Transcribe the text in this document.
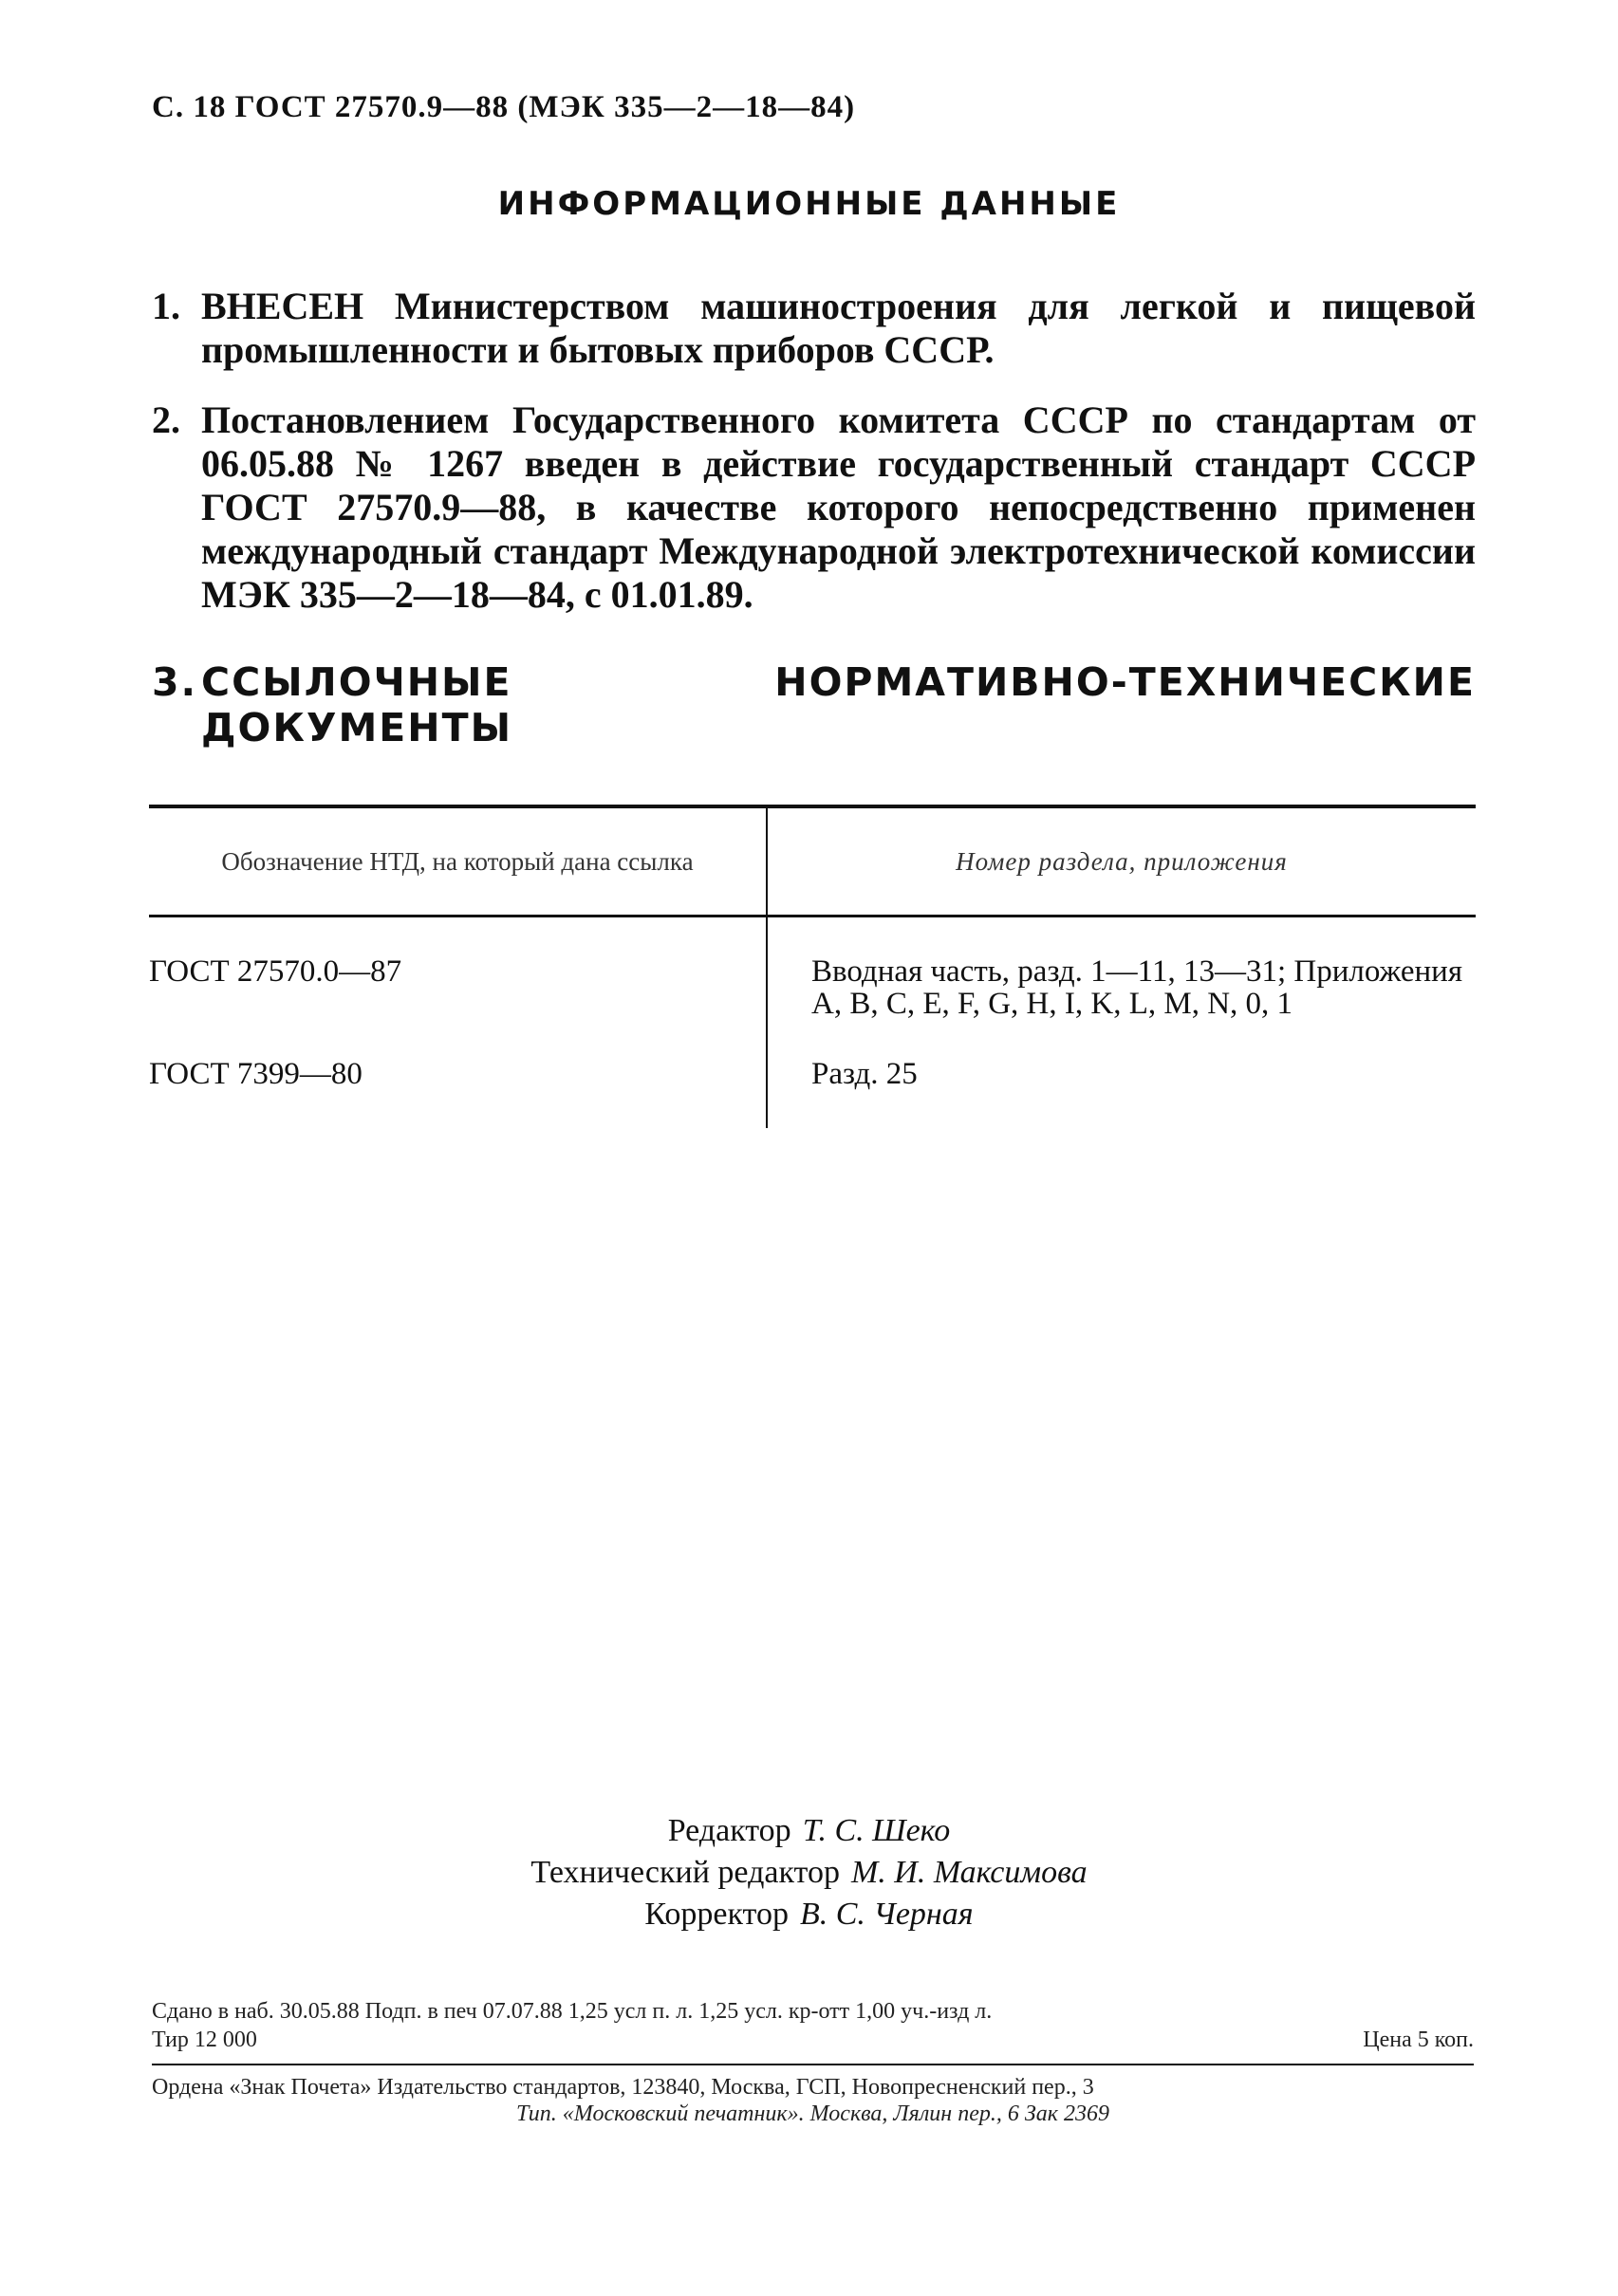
С. 18 ГОСТ 27570.9—88 (МЭК 335—2—18—84)
ИНФОРМАЦИОННЫЕ ДАННЫЕ
1. ВНЕСЕН Министерством машиностроения для легкой и пищевой промышленности и бытовых приборов СССР.
2. Постановлением Государственного комитета СССР по стандартам от 06.05.88 № 1267 введен в действие государственный стандарт СССР ГОСТ 27570.9—88, в качестве которого непосредственно применен международный стандарт Международной электротехнической комиссии МЭК 335—2—18—84, с 01.01.89.
3. ССЫЛОЧНЫЕ НОРМАТИВНО-ТЕХНИЧЕСКИЕ ДОКУМЕНТЫ
Обозначение НТД, на который дана ссылка	Номер раздела, приложения
ГОСТ 27570.0—87	Вводная часть, разд. 1—11, 13—31; Приложения A, B, C, E, F, G, H, I, K, L, M, N, 0, 1
ГОСТ 7399—80	Разд. 25
Редактор Т. С. Шеко
Технический редактор М. И. Максимова
Корректор В. С. Черная
Сдано в наб. 30.05.88 Подп. в печ 07.07.88 1,25 усл п. л. 1,25 усл. кр-отт 1,00 уч.-изд л.
Тир 12 000	Цена 5 коп.
Ордена «Знак Почета» Издательство стандартов, 123840, Москва, ГСП, Новопресненский пер., 3
Тип. «Московский печатник». Москва, Лялин пер., 6 Зак 2369
